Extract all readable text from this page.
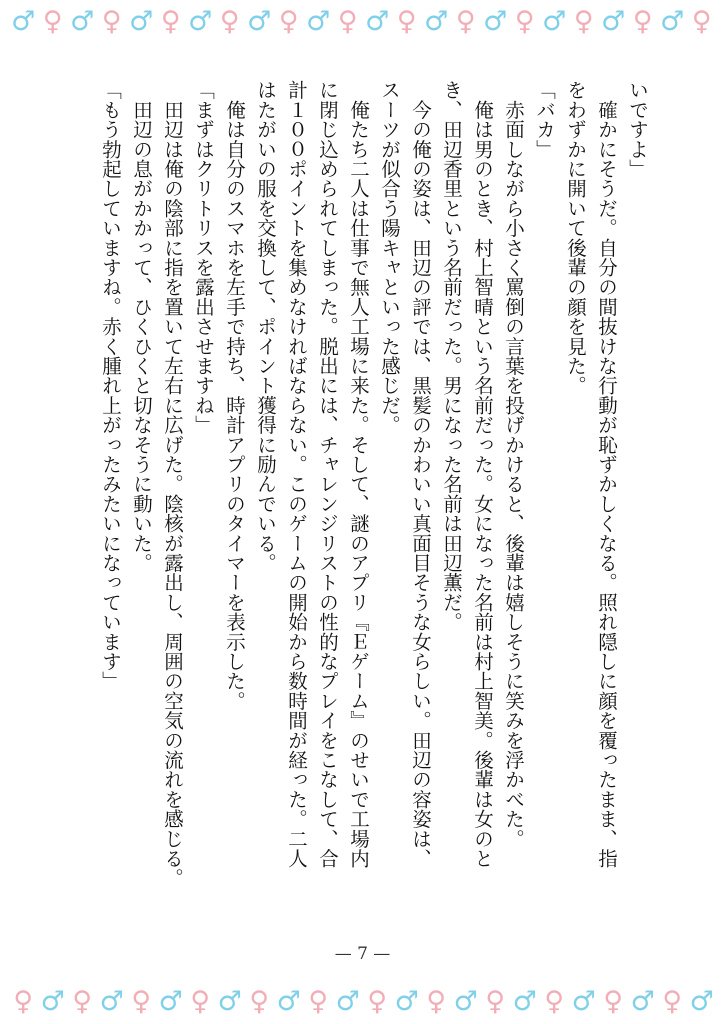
♂ ♀ ♂ ♀ ♂ ♀ ♂ ♀ ♂ ♀ ♂ ♀ ♂ ♀ ♂ ♀ ♂ ♀ ♂ ♀ ♂ ♀ ♂ ♀
いですよ」
　確かにそうだ。自分の間抜けな行動が恥ずかしくなる。照れ隠しに顔を覆ったまま、指
をわずかに開いて後輩の顔を見た。
「バカ」
　赤面しながら小さく罵倒の言葉を投げかけると、後輩は嬉しそうに笑みを浮かべた。
　俺は男のとき、村上智晴という名前だった。女になった名前は村上智美。後輩は女のと
き、田辺香里という名前だった。男になった名前は田辺薫だ。
　今の俺の姿は、田辺の評では、黒髪のかわいい真面目そうな女らしい。田辺の容姿は、
スーツが似合う陽キャといった感じだ。
　俺たち二人は仕事で無人工場に来た。そして、謎のアプリ『Ｅゲーム』のせいで工場内
に閉じ込められてしまった。脱出には、チャレンジリストの性的なプレイをこなして、合
計１００ポイントを集めなければならない。このゲームの開始から数時間が経った。二人
はたがいの服を交換して、ポイント獲得に励んでいる。
　俺は自分のスマホを左手で持ち、時計アプリのタイマーを表示した。
「まずはクリトリスを露出させますね」
　田辺は俺の陰部に指を置いて左右に広げた。陰核が露出し、周囲の空気の流れを感じる。
　田辺の息がかかって、ひくひくと切なそうに動いた。
「もう勃起していますね。赤く腫れ上がったみたいになっています」
— 7 —
♀ ♂ ♀ ♂ ♀ ♂ ♀ ♂ ♀ ♂ ♀ ♂ ♀ ♂ ♀ ♂ ♀ ♂ ♀ ♂ ♀ ♂ ♀ ♂
